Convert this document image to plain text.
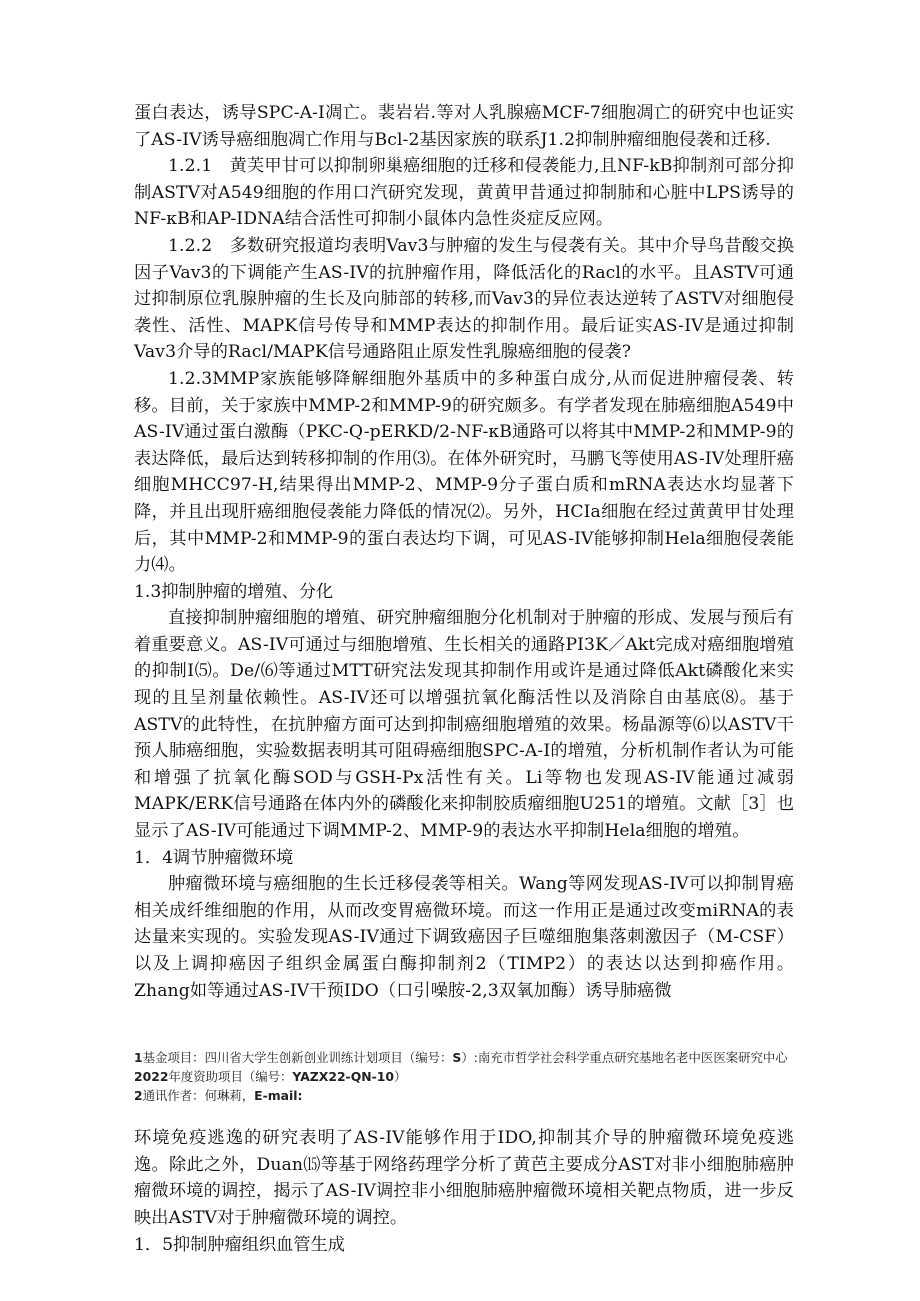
蛋白表达，诱导SPC-A-I凋亡。裴岩岩.等对人乳腺癌MCF-7细胞凋亡的研究中也证实了AS-IV诱导癌细胞凋亡作用与Bcl-2基因家族的联系J1.2抑制肿瘤细胞侵袭和迁移.

1.2.1　黄芙甲甘可以抑制卵巢癌细胞的迁移和侵袭能力,且NF-kB抑制剂可部分抑制ASTV对A549细胞的作用口汽研究发现，黄黄甲昔通过抑制肺和心脏中LPS诱导的NF-κB和AP-IDNA结合活性可抑制小鼠体内急性炎症反应网。

1.2.2　多数研究报道均表明Vav3与肿瘤的发生与侵袭有关。其中介导鸟昔酸交换因子Vav3的下调能产生AS-IV的抗肿瘤作用，降低活化的Racl的水平。且ASTV可通过抑制原位乳腺肿瘤的生长及向肺部的转移,而Vav3的异位表达逆转了ASTV对细胞侵袭性、活性、MAPK信号传导和MMP表达的抑制作用。最后证实AS-IV是通过抑制Vav3介导的Racl/MAPK信号通路阻止原发性乳腺癌细胞的侵袭?

1.2.3MMP家族能够降解细胞外基质中的多种蛋白成分,从而促进肿瘤侵袭、转移。目前，关于家族中MMP-2和MMP-9的研究颇多。有学者发现在肺癌细胞A549中AS-IV通过蛋白激酶（PKC-Q-pERKD/2-NF-κB通路可以将其中MMP-2和MMP-9的表达降低，最后达到转移抑制的作用⑶。在体外研究时，马鹏飞等使用AS-IV处理肝癌细胞MHCC97-H,结果得出MMP-2、MMP-9分子蛋白质和mRNA表达水均显著下降，并且出现肝癌细胞侵袭能力降低的情况⑵。另外，HCIa细胞在经过黄黄甲甘处理后，其中MMP-2和MMP-9的蛋白表达均下调，可见AS-IV能够抑制Hela细胞侵袭能力⑷。

1.3抑制肿瘤的增殖、分化

直接抑制肿瘤细胞的增殖、研究肿瘤细胞分化机制对于肿瘤的形成、发展与预后有着重要意义。AS-IV可通过与细胞增殖、生长相关的通路PI3K／Akt完成对癌细胞增殖的抑制I⑸。De/⑹等通过MTT研究法发现其抑制作用或许是通过降低Akt磷酸化来实现的且呈剂量依赖性。AS-IV还可以增强抗氧化酶活性以及消除自由基底⑻。基于ASTV的此特性，在抗肿瘤方面可达到抑制癌细胞增殖的效果。杨晶源等⑹以ASTV干预人肺癌细胞，实验数据表明其可阻碍癌细胞SPC-A-I的增殖，分析机制作者认为可能和增强了抗氧化酶SOD与GSH-Px活性有关。Li等物也发现AS-IV能通过减弱MAPK/ERK信号通路在体内外的磷酸化来抑制胶质瘤细胞U251的增殖。文献［3］也显示了AS-IV可能通过下调MMP-2、MMP-9的表达水平抑制Hela细胞的增殖。

1．4调节肿瘤微环境

肿瘤微环境与癌细胞的生长迁移侵袭等相关。Wang等网发现AS-IV可以抑制胃癌相关成纤维细胞的作用，从而改变胃癌微环境。而这一作用正是通过改变miRNA的表达量来实现的。实验发现AS-IV通过下调致癌因子巨噬细胞集落刺激因子（M-CSF）以及上调抑癌因子组织金属蛋白酶抑制剂2（TIMP2）的表达以达到抑癌作用。Zhang如等通过AS-IV干预IDO（口引噪胺-2,3双氧加酶）诱导肺癌微

1基金项目：四川省大学生创新创业训练计划项目（编号：S）:南充市哲学社会科学重点研究基地名老中医医案研究中心2022年度资助项目（编号：YAZX22-QN-10）

2通讯作者：何琳莉，E-mail:

环境免疫逃逸的研究表明了AS-IV能够作用于IDO,抑制其介导的肿瘤微环境免疫逃逸。除此之外，Duan⒂等基于网络药理学分析了黄芭主要成分AST对非小细胞肺癌肿瘤微环境的调控，揭示了AS-IV调控非小细胞肺癌肿瘤微环境相关靶点物质，进一步反映出ASTV对于肿瘤微环境的调控。

1．5抑制肿瘤组织血管生成
